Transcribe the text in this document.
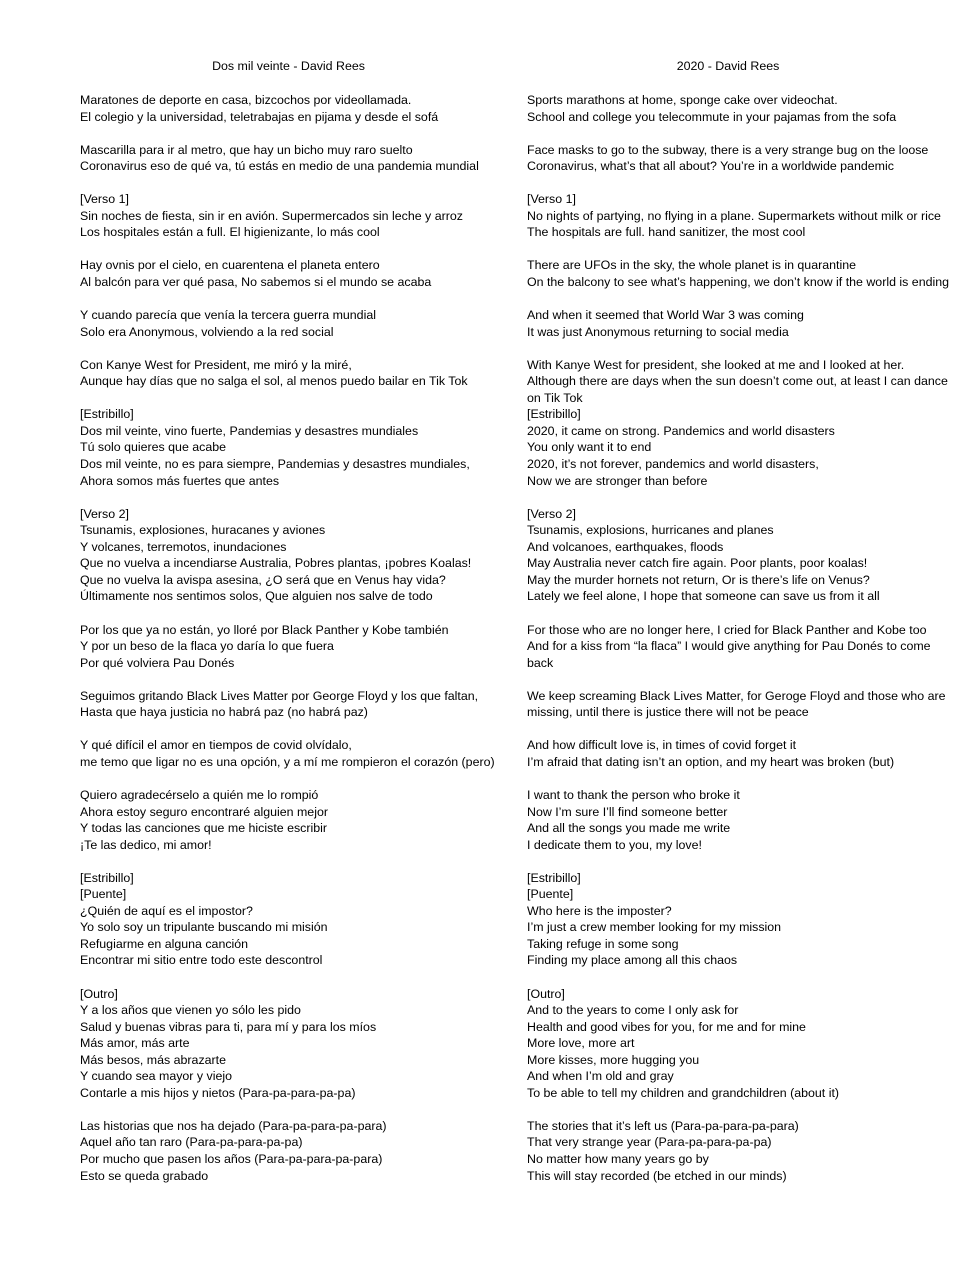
Dos mil veinte - David Rees
Maratones de deporte en casa, bizcochos por videollamada.
El colegio y la universidad, teletrabajas en pijama y desde el sofá
Mascarilla para ir al metro, que hay un bicho muy raro suelto
Coronavirus eso de qué va, tú estás en medio de una pandemia mundial
[Verso 1]
Sin noches de fiesta, sin ir en avión. Supermercados sin leche y arroz
Los hospitales están a full. El higienizante, lo más cool
Hay ovnis por el cielo, en cuarentena el planeta entero
Al balcón para ver qué pasa, No sabemos si el mundo se acaba
Y cuando parecía que venía la tercera guerra mundial
Solo era Anonymous, volviendo a la red social
Con Kanye West for President, me miró y la miré,
Aunque hay días que no salga el sol, al menos puedo bailar en Tik Tok
[Estribillo]
Dos mil veinte, vino fuerte, Pandemias y desastres mundiales
Tú solo quieres que acabe
Dos mil veinte, no es para siempre, Pandemias y desastres mundiales,
Ahora somos más fuertes que antes
[Verso 2]
Tsunamis, explosiones, huracanes y aviones
Y volcanes, terremotos, inundaciones
Que no vuelva a incendiarse Australia, Pobres plantas, ¡pobres Koalas!
Que no vuelva la avispa asesina, ¿O será que en Venus hay vida?
Últimamente nos sentimos solos, Que alguien nos salve de todo
Por los que ya no están, yo lloré por Black Panther y Kobe también
Y por un beso de la flaca yo daría lo que fuera
Por qué volviera Pau Donés
Seguimos gritando Black Lives Matter por George Floyd y los que faltan,
Hasta que haya justicia no habrá paz (no habrá paz)
Y qué difícil el amor en tiempos de covid olvídalo,
me temo que ligar no es una opción, y a mí me rompieron el corazón (pero)
Quiero agradecérselo a quién me lo rompió
Ahora estoy seguro encontraré alguien mejor
Y todas las canciones que me hiciste escribir
¡Te las dedico, mi amor!
[Estribillo]
[Puente]
¿Quién de aquí es el impostor?
Yo solo soy un tripulante buscando mi misión
Refugiarme en alguna canción
Encontrar mi sitio entre todo este descontrol
[Outro]
Y a los años que vienen yo sólo les pido
Salud y buenas vibras para ti, para mí y para los míos
Más amor, más arte
Más besos, más abrazarte
Y cuando sea mayor y viejo
Contarle a mis hijos y nietos (Para-pa-para-pa-pa)
Las historias que nos ha dejado (Para-pa-para-pa-para)
Aquel año tan raro (Para-pa-para-pa-pa)
Por mucho que pasen los años (Para-pa-para-pa-para)
Esto se queda grabado
2020 - David Rees
Sports marathons at home, sponge cake over videochat.
School and college you telecommute in your pajamas from the sofa
Face masks to go to the subway, there is a very strange bug on the loose
Coronavirus, what’s that all about? You’re in a worldwide pandemic
[Verso 1]
No nights of partying, no flying in a plane. Supermarkets without milk or rice
The hospitals are full. hand sanitizer, the most cool
There are UFOs in the sky, the whole planet is in quarantine
On the balcony to see what’s happening, we don’t know if the world is ending
And when it seemed that World War 3 was coming
It was just Anonymous returning to social media
With Kanye West for president, she looked at me and I looked at her.
Although there are days when the sun doesn’t come out, at least I can dance
on Tik Tok
[Estribillo]
2020, it came on strong. Pandemics and world disasters
You only want it to end
2020, it’s not forever, pandemics and world disasters,
Now we are stronger than before
[Verso 2]
Tsunamis, explosions, hurricanes and planes
And volcanoes, earthquakes, floods
May Australia never catch fire again. Poor plants, poor koalas!
May the murder hornets not return, Or is there’s life on Venus?
Lately we feel alone, I hope that someone can save us from it all
For those who are no longer here, I cried for Black Panther and Kobe too
And for a kiss from “la flaca” I would give anything for Pau Donés to come
back
We keep screaming Black Lives Matter, for Geroge Floyd and those who are
missing, until there is justice there will not be peace
And how difficult love is, in times of covid forget it
I’m afraid that dating isn’t an option, and my heart was broken (but)
I want to thank the person who broke it
Now I’m sure I’ll find someone better
And all the songs you made me write
I dedicate them to you, my love!
[Estribillo]
[Puente]
Who here is the imposter?
I’m just a crew member looking for my mission
Taking refuge in some song
Finding my place among all this chaos
[Outro]
And to the years to come I only ask for
Health and good vibes for you, for me and for mine
More love, more art
More kisses, more hugging you
And when I’m old and gray
To be able to tell my children and grandchildren (about it)
The stories that it’s left us (Para-pa-para-pa-para)
That very strange year (Para-pa-para-pa-pa)
No matter how many years go by
This will stay recorded (be etched in our minds)
